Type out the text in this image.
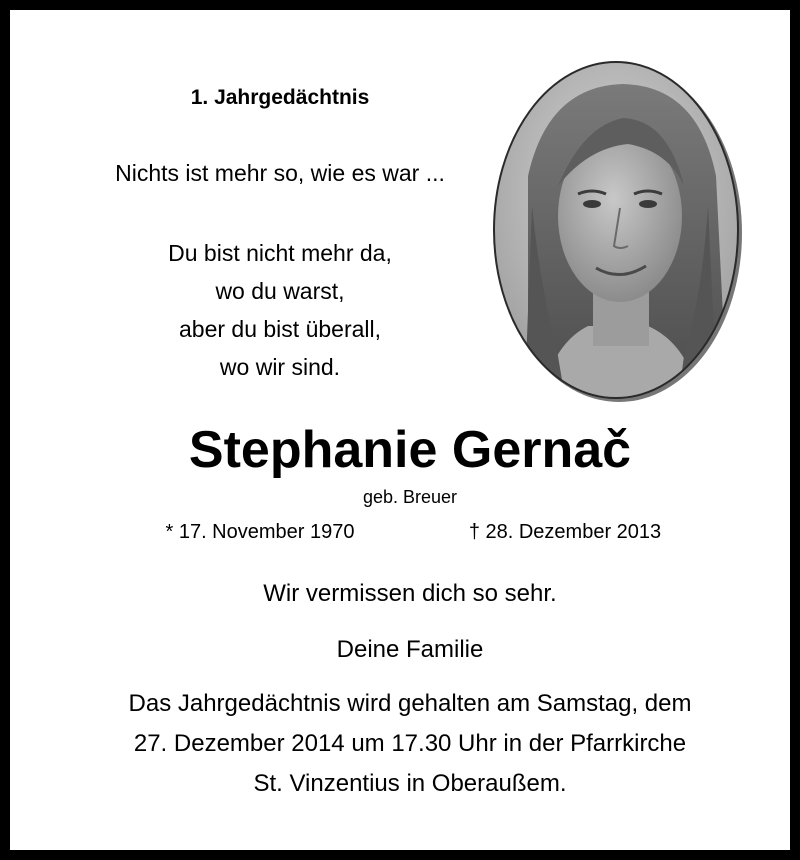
1. Jahrgedächtnis
Nichts ist mehr so, wie es war ...
Du bist nicht mehr da,
wo du warst,
aber du bist überall,
wo wir sind.
Stephanie Gernač
geb. Breuer
* 17. November 1970	† 28. Dezember 2013
Wir vermissen dich so sehr.
Deine Familie
Das Jahrgedächtnis wird gehalten am Samstag, dem
27. Dezember 2014 um 17.30 Uhr in der Pfarrkirche
St. Vinzentius in Oberaußem.
